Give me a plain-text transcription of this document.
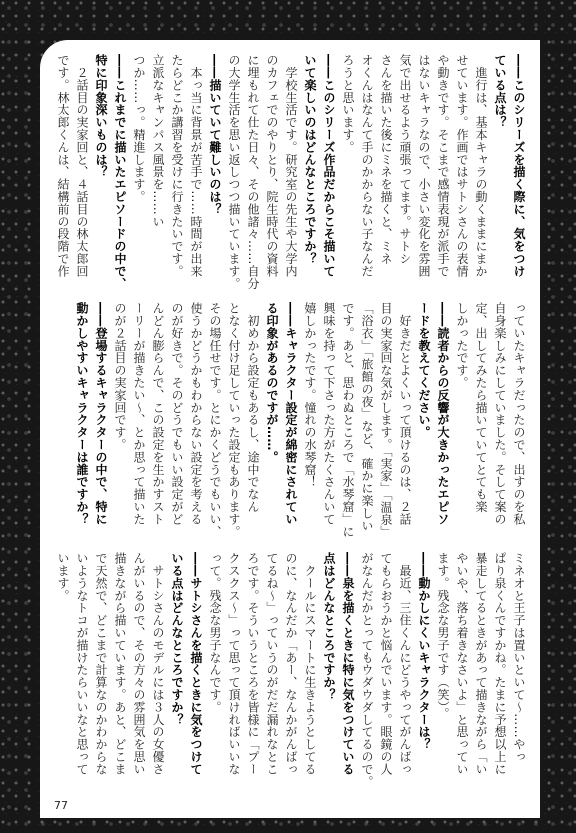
――このシリーズを描く際に、気をつけ
ている点は？
　進行は、基本キャラの動くままにまか
せています。作画ではサトシさんの表情
や動きです。そこまで感情表現が派手で
はないキャラなので、小さい変化を雰囲
気で出せるよう頑張ってます。サトシ
さんを描いた後にミネを描くと、ミネ
オくんはなんて手のかからない子なんだ
ろうと思います。
――このシリーズ作品だからこそ描いて
いて楽しいのはどんなところですか？
　学校生活です。研究室の先生や大学内
のカフェでのやりとり、院生時代の資料
に埋もれて仕た日々、その他諸々……自分
の大学生活を思い返しつつ描いています。
――描いていて難しいのは？
　本っ当に背景が苦手で……時間が出来
たらどこか講習を受けに行きたいです。
立派なキャンパス風景を……い
つか……っ。精進します。
――これまでに描いたエピソードの中で、
特に印象深いものは？
　２話目の実家回と、４話目の林太郎回
です。林太郎くんは、結構前の段階で作
っていたキャラだったので、出すのを私
自身楽しみにしていました。そして案の
定、出してみたら描いていてとても楽
しかったです。
――読者からの反響が大きかったエピソ
ードを教えてください。
　好きだとよくいって頂けるのは、２話
目の実家回な気がします。「実家」「温泉」
「浴衣」「旅館の夜」など、確かに楽しい
です。あと、思わぬところで「水琴窟」に
興味を持って下さった方がたくさんいて
嬉しかったです。憧れの水琴窟！
――キャラクター設定が綿密にされてい
る印象があるのですが……。
　初めから設定もあるし、途中でなん
となく付け足していった設定もあります。
その場任せです。とにかくどうでもいい、
使うかどうかもわからない設定を考える
のが好きで。そのどうでもいい設定がど
んどん膨らんで、この設定を生かすスト
ーリーが描きたい～、とか思って描いた
のが２話目の実家回です。
――登場するキャラクターの中で、特に
動かしやすいキャラクターは誰ですか？
ミネオと王子は置いといて～……やっ
ぱり泉くんですかね。たまに予想以上に
暴走してるときがあって描きながら「い
やいや、落ち着きなさいよ」と思ってい
ます。残念な男子です（笑）。
――動かしにくいキャラクターは？
　最近、三住くんにどうやってがんばっ
てもらおうかと悩んでいます。眼鏡の人
がなんだかとってもウダウダしてるので。
――泉を描くときに特に気をつけている
点はどんなところですか？
　クールにスマートに生きようとしてる
のに、なんだか「あー、なんかがんばっ
てるね～」っていうのがだだ漏れなとこ
ろです。そういうところを皆様に「プー
クスクス～」って思って頂ければいいな
って。残念な男子なんです。
――サトシさんを描くときに気をつけて
いる点はどんなところですか？
　サトシさんのモデルには３人の女優さ
んがいるので、その方々の雰囲気を思い
描きながら描いています。あと、どこま
で天然で、どこまで計算なのかわからな
いようなトコが描けたらいいなと思って
います。
77
